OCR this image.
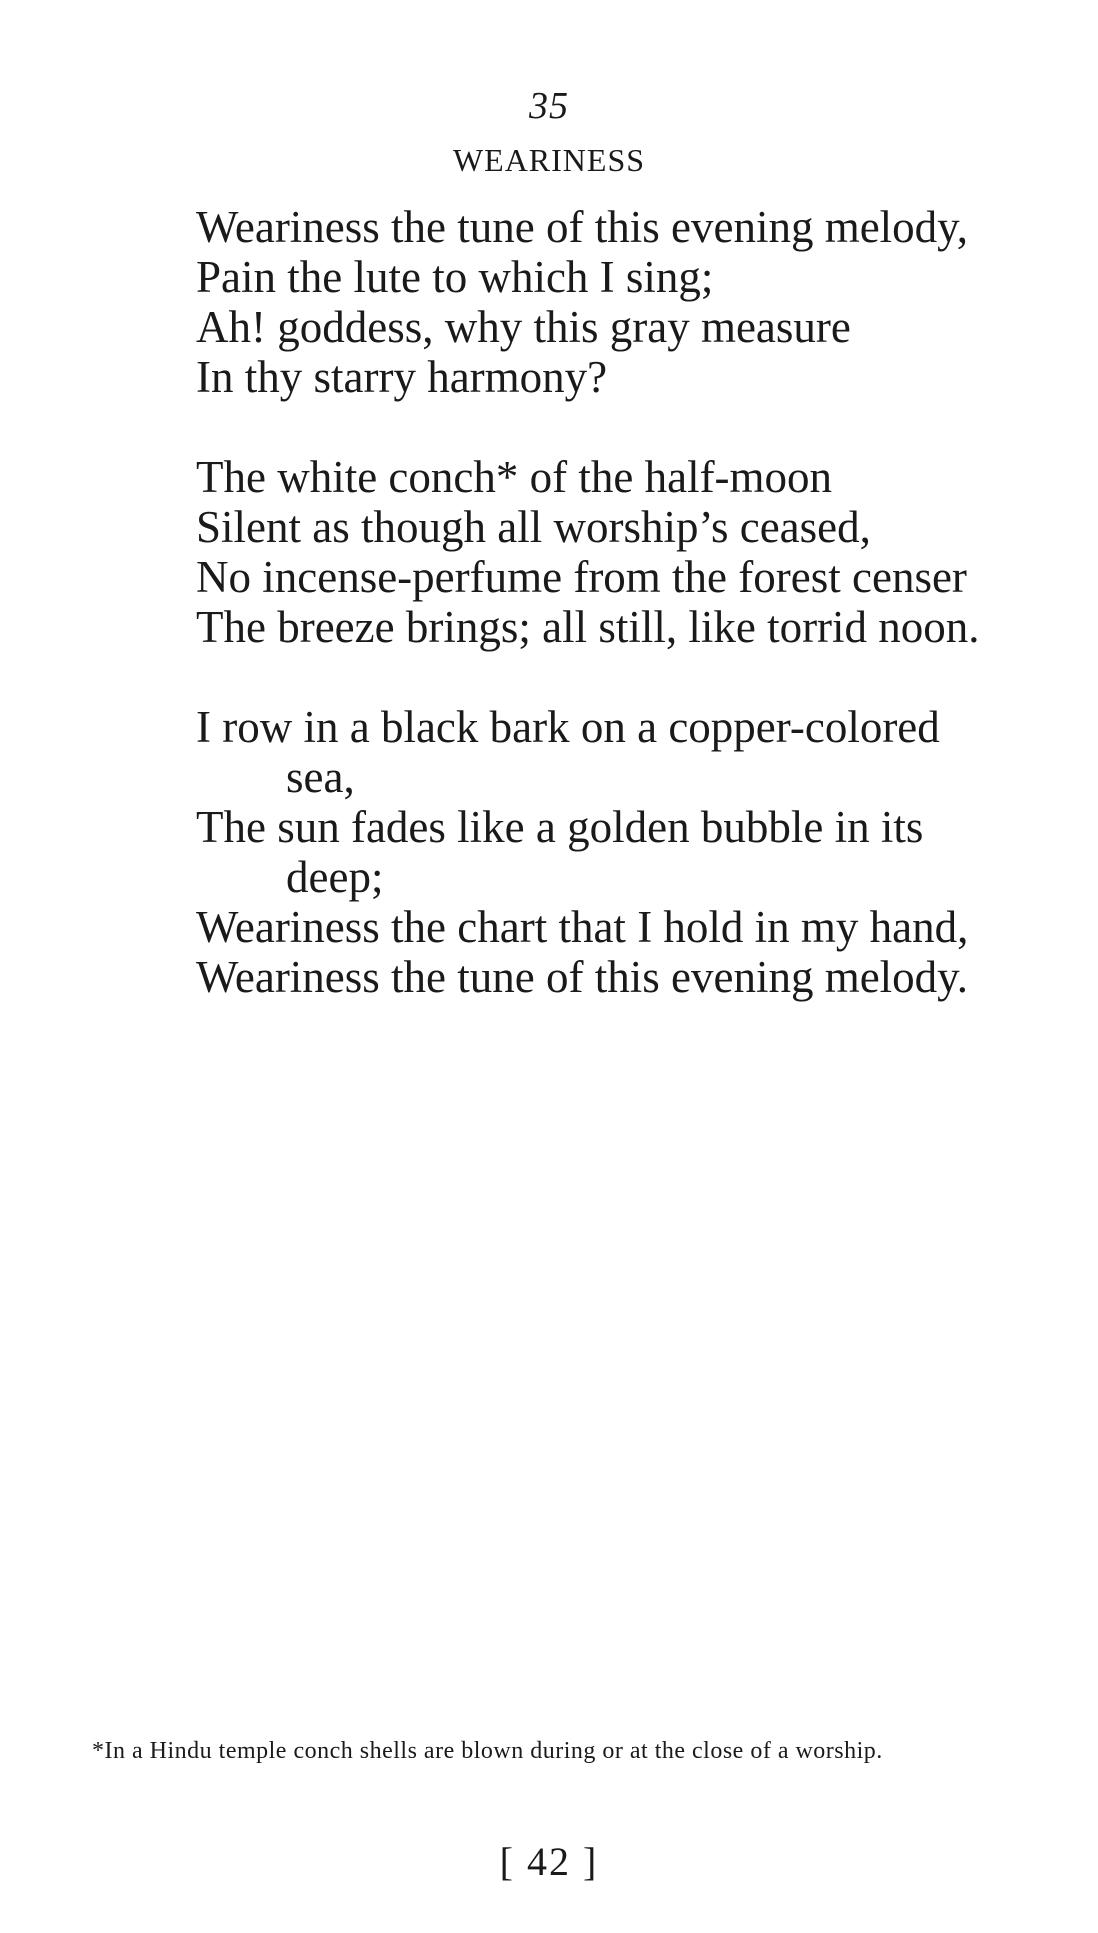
35
WEARINESS
Weariness the tune of this evening melody,
Pain the lute to which I sing;
Ah! goddess, why this gray measure
In thy starry harmony?
The white conch* of the half-moon
Silent as though all worship’s ceased,
No incense-perfume from the forest censer
The breeze brings; all still, like torrid noon.
I row in a black bark on a copper-colored
sea,
The sun fades like a golden bubble in its
deep;
Weariness the chart that I hold in my hand,
Weariness the tune of this evening melody.
*In a Hindu temple conch shells are blown during or at the close of a worship.
[ 42 ]
